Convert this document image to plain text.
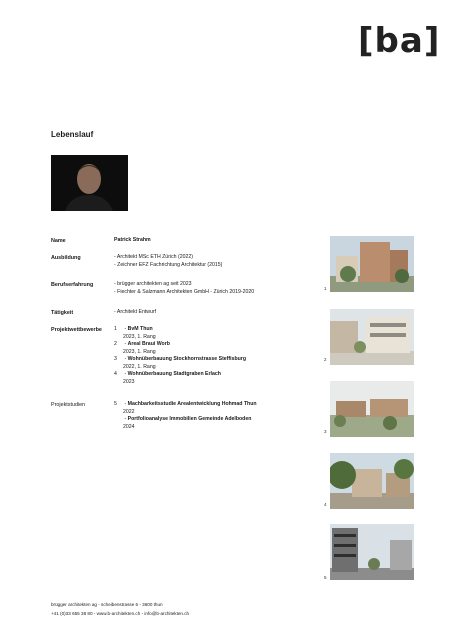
[ba]
Lebenslauf
Name	Patrick Strahm
Ausbildung	- Architekt MSc ETH Zürich (2022)
- Zeichner EFZ Fachrichtung Architektur (2015)
Berufserfahrung	- brügger architekten ag seit 2023
- Fiechter & Salzmann Architekten GmbH - Zürich 2019-2020
Tätigkeit	- Architekt Entwurf
Projektwettbewerbe 1 - BvM Thun
2023, 1. Rang
2 - Areal Braui Worb
2023, 1. Rang
3 - Wohnüberbauung Stockhornstrasse Steffisburg
2022, 1. Rang
4 - Wohnüberbauung Stadtgraben Erlach
2023
Projektstudien	5 - Machbarkeitsstudie Arealentwicklung Hohmad Thun
2022
- Portfolioanalyse Immobilien Gemeinde Adelboden
2024
1
2
3
4
5
brügger architekten ag - scheibenstrasse 6 - 3600 thun
+41 (0)33 655 38 80 - www.b-architekten.ch - info@b-architekten.ch
